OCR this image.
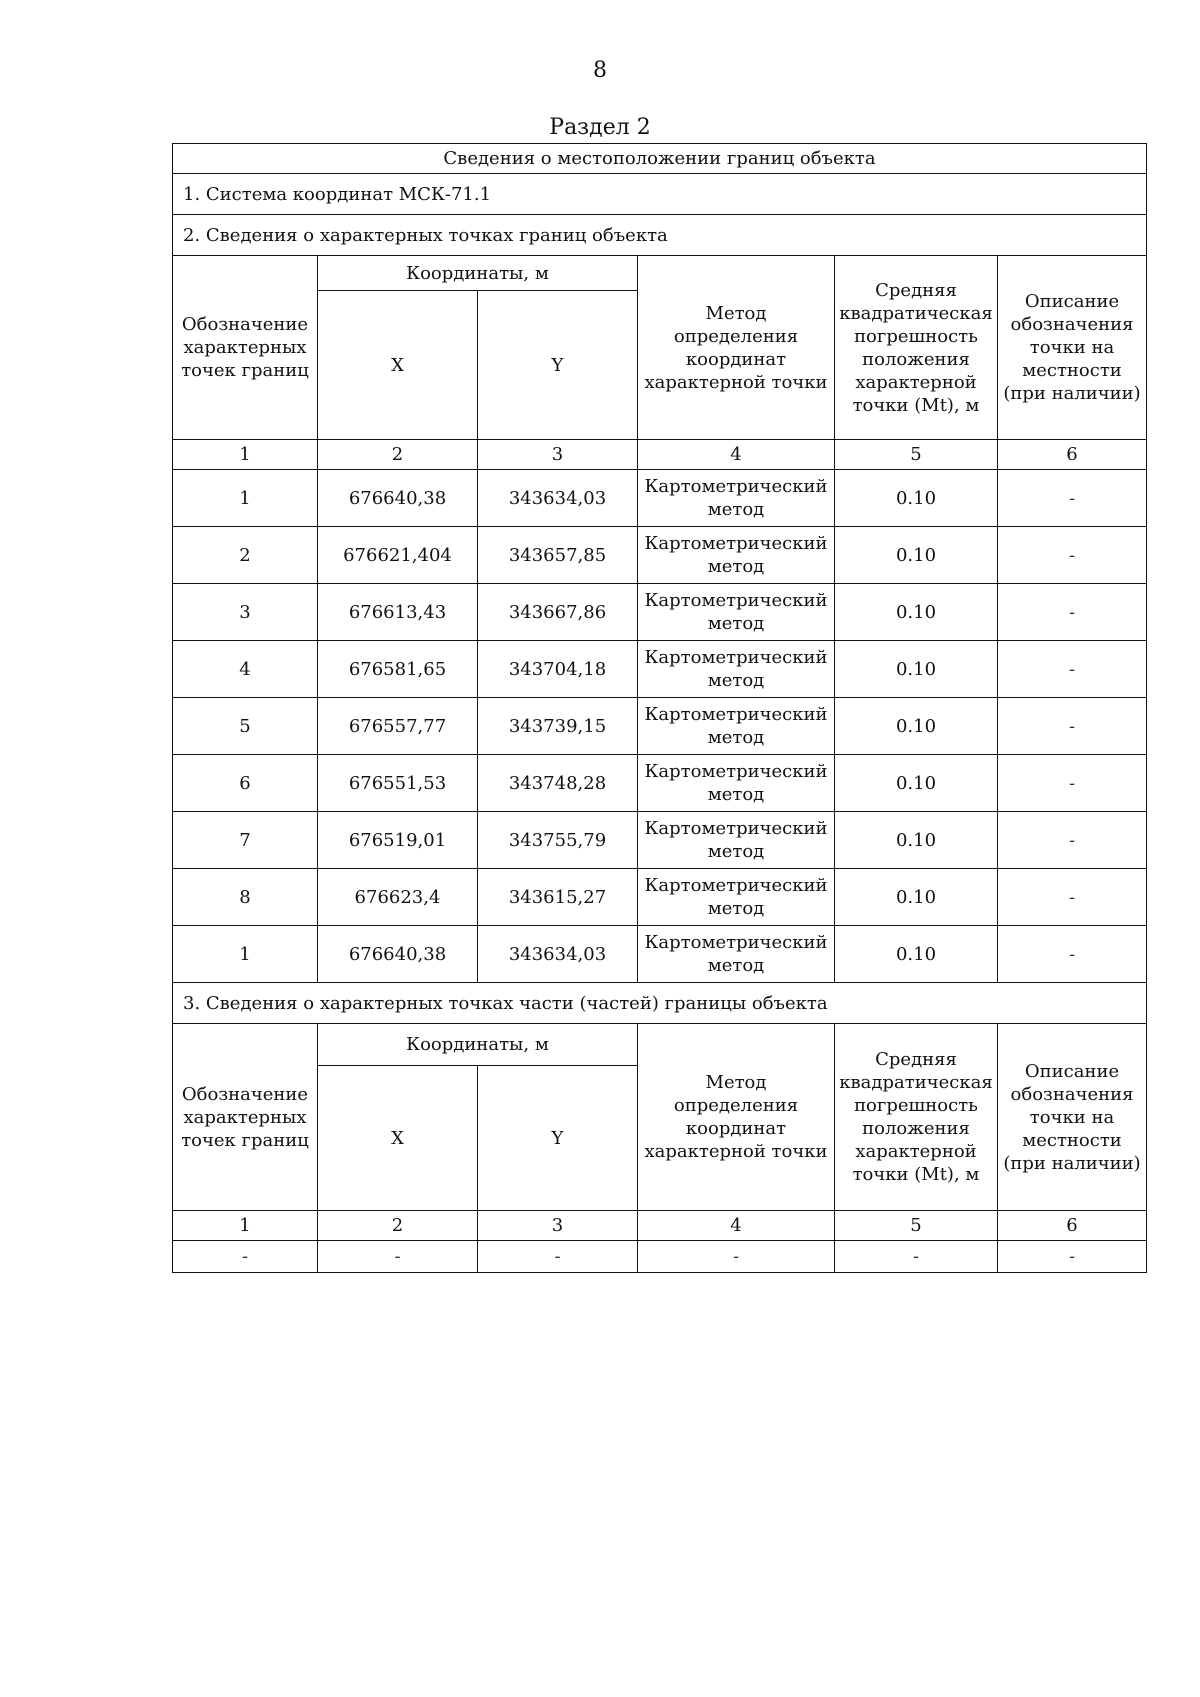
8
Раздел 2
Сведения о местоположении границ объекта					
1. Система координат МСК-71.1					
2. Сведения о характерных точках границ объекта					
Обозначение характерных точек границ	Координаты, м		Метод определения координат характерной точки	Средняя квадратическая погрешность положения характерной точки (Mt), м	Описание обозначения точки на местности (при наличии)
	X	Y			
1	2	3	4	5	6
1	676640,38	343634,03	Картометрический метод	0.10	-
2	676621,404	343657,85	Картометрический метод	0.10	-
3	676613,43	343667,86	Картометрический метод	0.10	-
4	676581,65	343704,18	Картометрический метод	0.10	-
5	676557,77	343739,15	Картометрический метод	0.10	-
6	676551,53	343748,28	Картометрический метод	0.10	-
7	676519,01	343755,79	Картометрический метод	0.10	-
8	676623,4	343615,27	Картометрический метод	0.10	-
1	676640,38	343634,03	Картометрический метод	0.10	-
3. Сведения о характерных точках части (частей) границы объекта					
Обозначение характерных точек границ	Координаты, м		Метод определения координат характерной точки	Средняя квадратическая погрешность положения характерной точки (Mt), м	Описание обозначения точки на местности (при наличии)
	X	Y			
1	2	3	4	5	6
-	-	-	-	-	-
